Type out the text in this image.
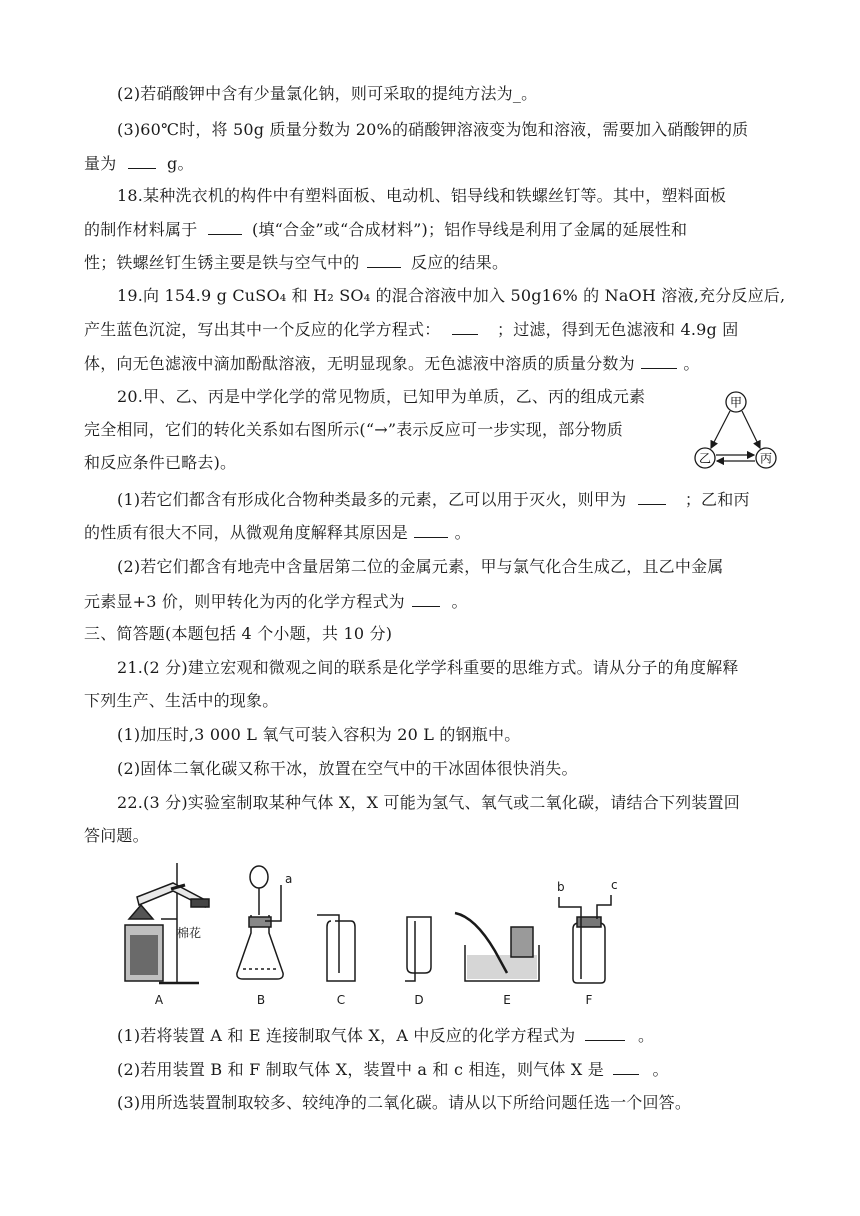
(2)若硝酸钾中含有少量氯化钠，则可采取的提纯方法为_。
(3)60℃时，将 50g 质量分数为 20%的硝酸钾溶液变为饱和溶液，需要加入硝酸钾的质
量为	g。
18.某种洗衣机的构件中有塑料面板、电动机、铝导线和铁螺丝钉等。其中，塑料面板
的制作材料属于	(填“合金”或“合成材料”)；铝作导线是利用了金属的延展性和
性；铁螺丝钉生锈主要是铁与空气中的	反应的结果。
19.向 154.9 g CuSO₄ 和 H₂ SO₄ 的混合溶液中加入 50g16% 的 NaOH 溶液,充分反应后,
产生蓝色沉淀，写出其中一个反应的化学方程式：	；过滤，得到无色滤液和 4.9g 固
体，向无色滤液中滴加酚酞溶液，无明显现象。无色滤液中溶质的质量分数为	。
20.甲、乙、丙是中学化学的常见物质，已知甲为单质，乙、丙的组成元素
完全相同，它们的转化关系如右图所示(“→”表示反应可一步实现，部分物质
和反应条件已略去)。
甲
乙	丙
(1)若它们都含有形成化合物种类最多的元素，乙可以用于灭火，则甲为	；乙和丙
的性质有很大不同，从微观角度解释其原因是	。
(2)若它们都含有地壳中含量居第二位的金属元素，甲与氯气化合生成乙，且乙中金属
元素显+3 价，则甲转化为丙的化学方程式为	。
三、简答题(本题包括 4 个小题，共 10 分)
21.(2 分)建立宏观和微观之间的联系是化学学科重要的思维方式。请从分子的角度解释
下列生产、生活中的现象。
(1)加压时,3 000 L 氧气可装入容积为 20 L 的钢瓶中。
(2)固体二氧化碳又称干冰，放置在空气中的干冰固体很快消失。
22.(3 分)实验室制取某种气体 X，X 可能为氢气、氧气或二氧化碳，请结合下列装置回
答问题。
棉花
A
a
B	C	D	E
b	c
F
(1)若将装置 A 和 E 连接制取气体 X，A 中反应的化学方程式为	。
(2)若用装置 B 和 F 制取气体 X，装置中 a 和 c 相连，则气体 X 是	。
(3)用所选装置制取较多、较纯净的二氧化碳。请从以下所给问题任选一个回答。
